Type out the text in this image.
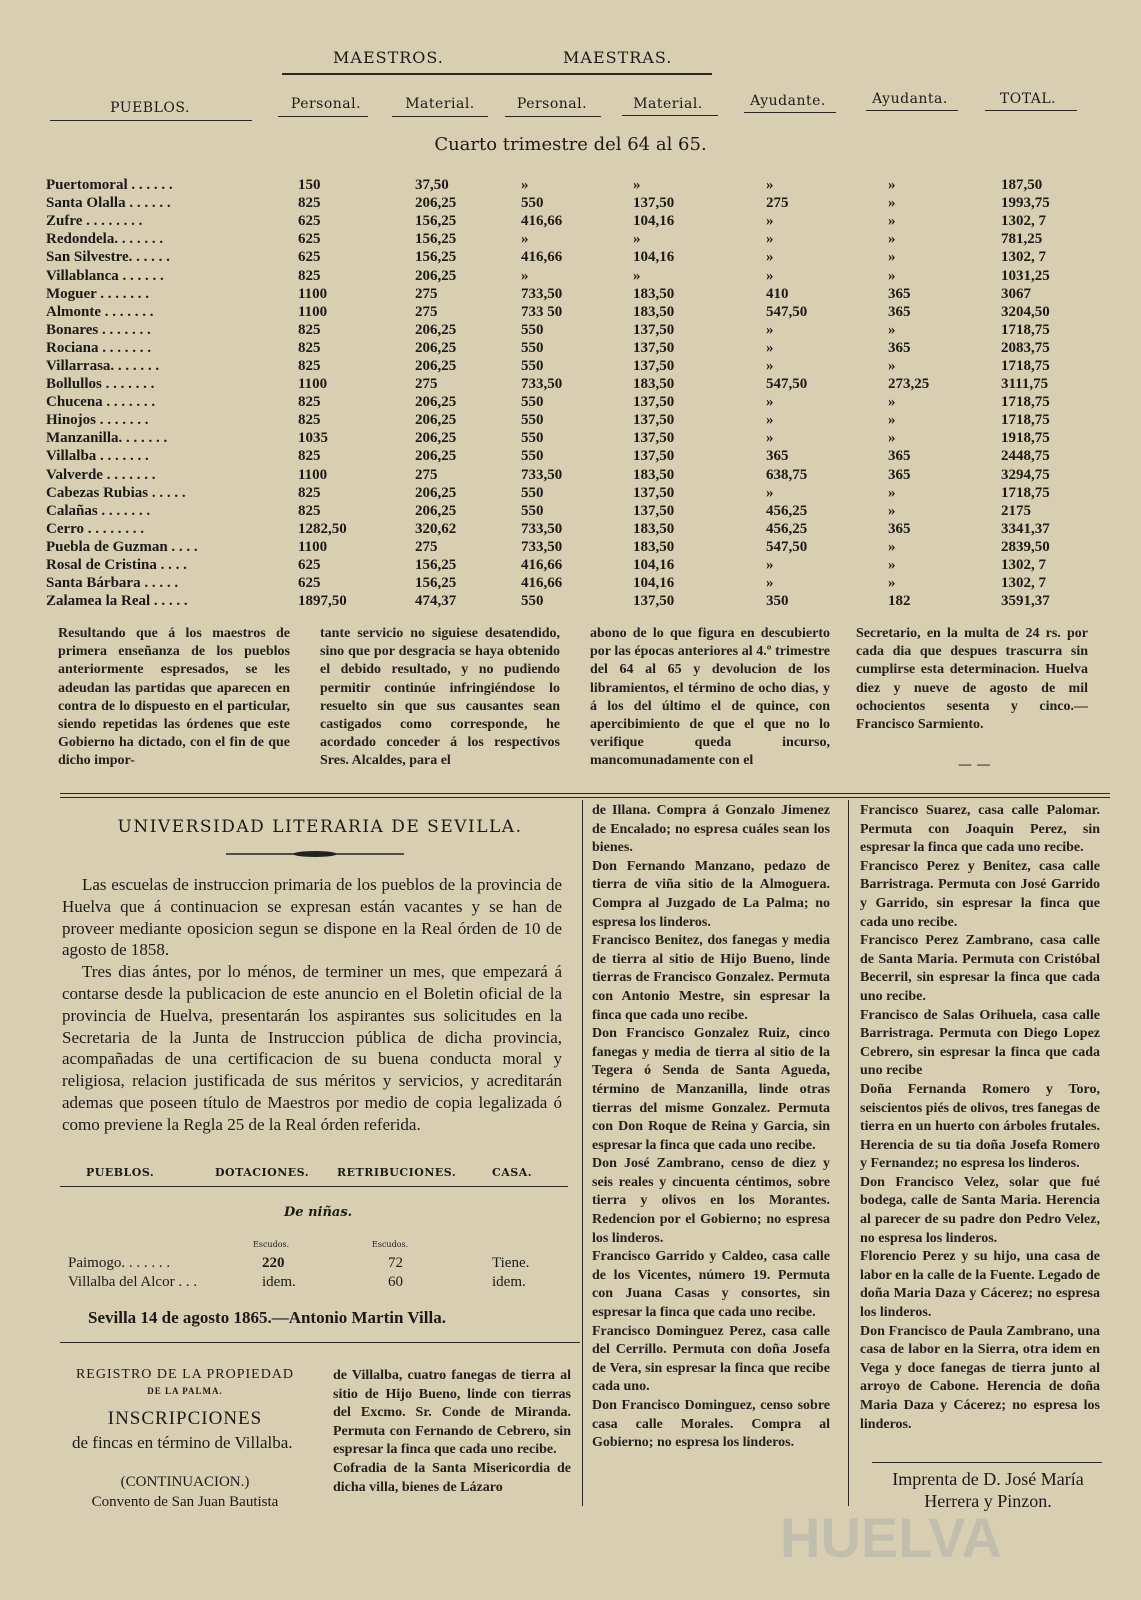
MAESTROS.	MAESTRAS.
PUEBLOS.	Personal.	Material.	Personal.	Material.	Ayudante.	Ayudanta.	TOTAL.
Cuarto trimestre del 64 al 65.
Puertomoral . . . . . .	150	37,50	»	»	»	»	187,50
Santa Olalla . . . . . .	825	206,25	550	137,50	275	»	1993,75
Zufre . . . . . . . .	625	156,25	416,66	104,16	»	»	1302, 7
Redondela. . . . . . .	625	156,25	»	»	»	»	781,25
San Silvestre. . . . . .	625	156,25	416,66	104,16	»	»	1302, 7
Villablanca . . . . . .	825	206,25	»	»	»	»	1031,25
Moguer . . . . . . .	1100	275	733,50	183,50	410	365	3067
Almonte . . . . . . .	1100	275	733 50	183,50	547,50	365	3204,50
Bonares . . . . . . .	825	206,25	550	137,50	»	»	1718,75
Rociana . . . . . . .	825	206,25	550	137,50	»	365	2083,75
Villarrasa. . . . . . .	825	206,25	550	137,50	»	»	1718,75
Bollullos . . . . . . .	1100	275	733,50	183,50	547,50	273,25	3111,75
Chucena . . . . . . .	825	206,25	550	137,50	»	»	1718,75
Hinojos . . . . . . .	825	206,25	550	137,50	»	»	1718,75
Manzanilla. . . . . . .	1035	206,25	550	137,50	»	»	1918,75
Villalba . . . . . . .	825	206,25	550	137,50	365	365	2448,75
Valverde . . . . . . .	1100	275	733,50	183,50	638,75	365	3294,75
Cabezas Rubias . . . . .	825	206,25	550	137,50	»	»	1718,75
Calañas . . . . . . .	825	206,25	550	137,50	456,25	»	2175
Cerro . . . . . . . .	1282,50	320,62	733,50	183,50	456,25	365	3341,37
Puebla de Guzman . . . .	1100	275	733,50	183,50	547,50	»	2839,50
Rosal de Cristina . . . .	625	156,25	416,66	104,16	»	»	1302, 7
Santa Bárbara . . . . .	625	156,25	416,66	104,16	»	»	1302, 7
Zalamea la Real . . . . .	1897,50	474,37	550	137,50	350	182	3591,37
Resultando que á los maestros de primera enseñanza de los pueblos anteriormente espresados, se les adeudan las partidas que aparecen en contra de lo dispuesto en el particular, siendo repetidas las órdenes que este Gobierno ha dictado, con el fin de que dicho impor-
tante servicio no siguiese desatendido, sino que por desgracia se haya obtenido el debido resultado, y no pudiendo permitir continúe infringiéndose lo resuelto sin que sus causantes sean castigados como corresponde, he acordado conceder á los respectivos Sres. Alcaldes, para el
abono de lo que figura en descubierto por las épocas anteriores al 4.º trimestre del 64 al 65 y devolucion de los libramientos, el término de ocho dias, y á los del último el de quince, con apercibimiento de que el que no lo verifique queda incurso, mancomunadamente con el
Secretario, en la multa de 24 rs. por cada dia que despues trascurra sin cumplirse esta determinacion. Huelva diez y nueve de agosto de mil ochocientos sesenta y cinco.— Francisco Sarmiento.
— —
UNIVERSIDAD LITERARIA DE SEVILLA.
Las escuelas de instruccion primaria de los pueblos de la provincia de Huelva que á continuacion se expresan están vacantes y se han de proveer mediante oposicion segun se dispone en la Real órden de 10 de agosto de 1858.
Tres dias ántes, por lo ménos, de terminer un mes, que empezará á contarse desde la publicacion de este anuncio en el Boletin oficial de la provincia de Huelva, presentarán los aspirantes sus solicitudes en la Secretaria de la Junta de Instruccion pública de dicha provincia, acompañadas de una certificacion de su buena conducta moral y religiosa, relacion justificada de sus méritos y servicios, y acreditarán ademas que poseen título de Maestros por medio de copia legalizada ó como previene la Regla 25 de la Real órden referida.
PUEBLOS.	DOTACIONES.	RETRIBUCIONES.	CASA.
De niñas.
Escudos.	Escudos.
Paimogo. . . . . . .	220	72	Tiene.
Villalba del Alcor . . .	idem.	60	idem.
Sevilla 14 de agosto 1865.—Antonio Martin Villa.
REGISTRO DE LA PROPIEDAD
DE LA PALMA.
INSCRIPCIONES
de fincas en término de Villalba.
(CONTINUACION.)
Convento de San Juan Bautista
de Villalba, cuatro fanegas de tierra al sitio de Hijo Bueno, linde con tierras del Excmo. Sr. Conde de Miranda. Permuta con Fernando de Cebrero, sin espresar la finca que cada uno recibe.
Cofradia de la Santa Misericordia de dicha villa, bienes de Lázaro
de Illana. Compra á Gonzalo Jimenez de Encalado; no espresa cuáles sean los bienes.
Don Fernando Manzano, pedazo de tierra de viña sitio de la Almoguera. Compra al Juzgado de La Palma; no espresa los linderos.
Francisco Benitez, dos fanegas y media de tierra al sitio de Hijo Bueno, linde tierras de Francisco Gonzalez. Permuta con Antonio Mestre, sin espresar la finca que cada uno recibe.
Don Francisco Gonzalez Ruiz, cinco fanegas y media de tierra al sitio de la Tegera ó Senda de Santa Agueda, término de Manzanilla, linde otras tierras del misme Gonzalez. Permuta con Don Roque de Reina y Garcia, sin espresar la finca que cada uno recibe.
Don José Zambrano, censo de diez y seis reales y cincuenta céntimos, sobre tierra y olivos en los Morantes. Redencion por el Gobierno; no espresa los linderos.
Francisco Garrido y Caldeo, casa calle de los Vicentes, número 19. Permuta con Juana Casas y consortes, sin espresar la finca que cada uno recibe.
Francisco Dominguez Perez, casa calle del Cerrillo. Permuta con doña Josefa de Vera, sin espresar la finca que recibe cada uno.
Don Francisco Dominguez, censo sobre casa calle Morales. Compra al Gobierno; no espresa los linderos.
Francisco Suarez, casa calle Palomar. Permuta con Joaquin Perez, sin espresar la finca que cada uno recibe.
Francisco Perez y Benitez, casa calle Barristraga. Permuta con José Garrido y Garrido, sin espresar la finca que cada uno recibe.
Francisco Perez Zambrano, casa calle de Santa Maria. Permuta con Cristóbal Becerril, sin espresar la finca que cada uno recibe.
Francisco de Salas Orihuela, casa calle Barristraga. Permuta con Diego Lopez Cebrero, sin espresar la finca que cada uno recibe
Doña Fernanda Romero y Toro, seiscientos piés de olivos, tres fanegas de tierra en un huerto con árboles frutales. Herencia de su tia doña Josefa Romero y Fernandez; no espresa los linderos.
Don Francisco Velez, solar que fué bodega, calle de Santa Maria. Herencia al parecer de su padre don Pedro Velez, no espresa los linderos.
Florencio Perez y su hijo, una casa de labor en la calle de la Fuente. Legado de doña Maria Daza y Cácerez; no espresa los linderos.
Don Francisco de Paula Zambrano, una casa de labor en la Sierra, otra idem en Vega y doce fanegas de tierra junto al arroyo de Cabone. Herencia de doña Maria Daza y Cácerez; no espresa los linderos.
Imprenta de D. José María Herrera y Pinzon.
HUELVA
